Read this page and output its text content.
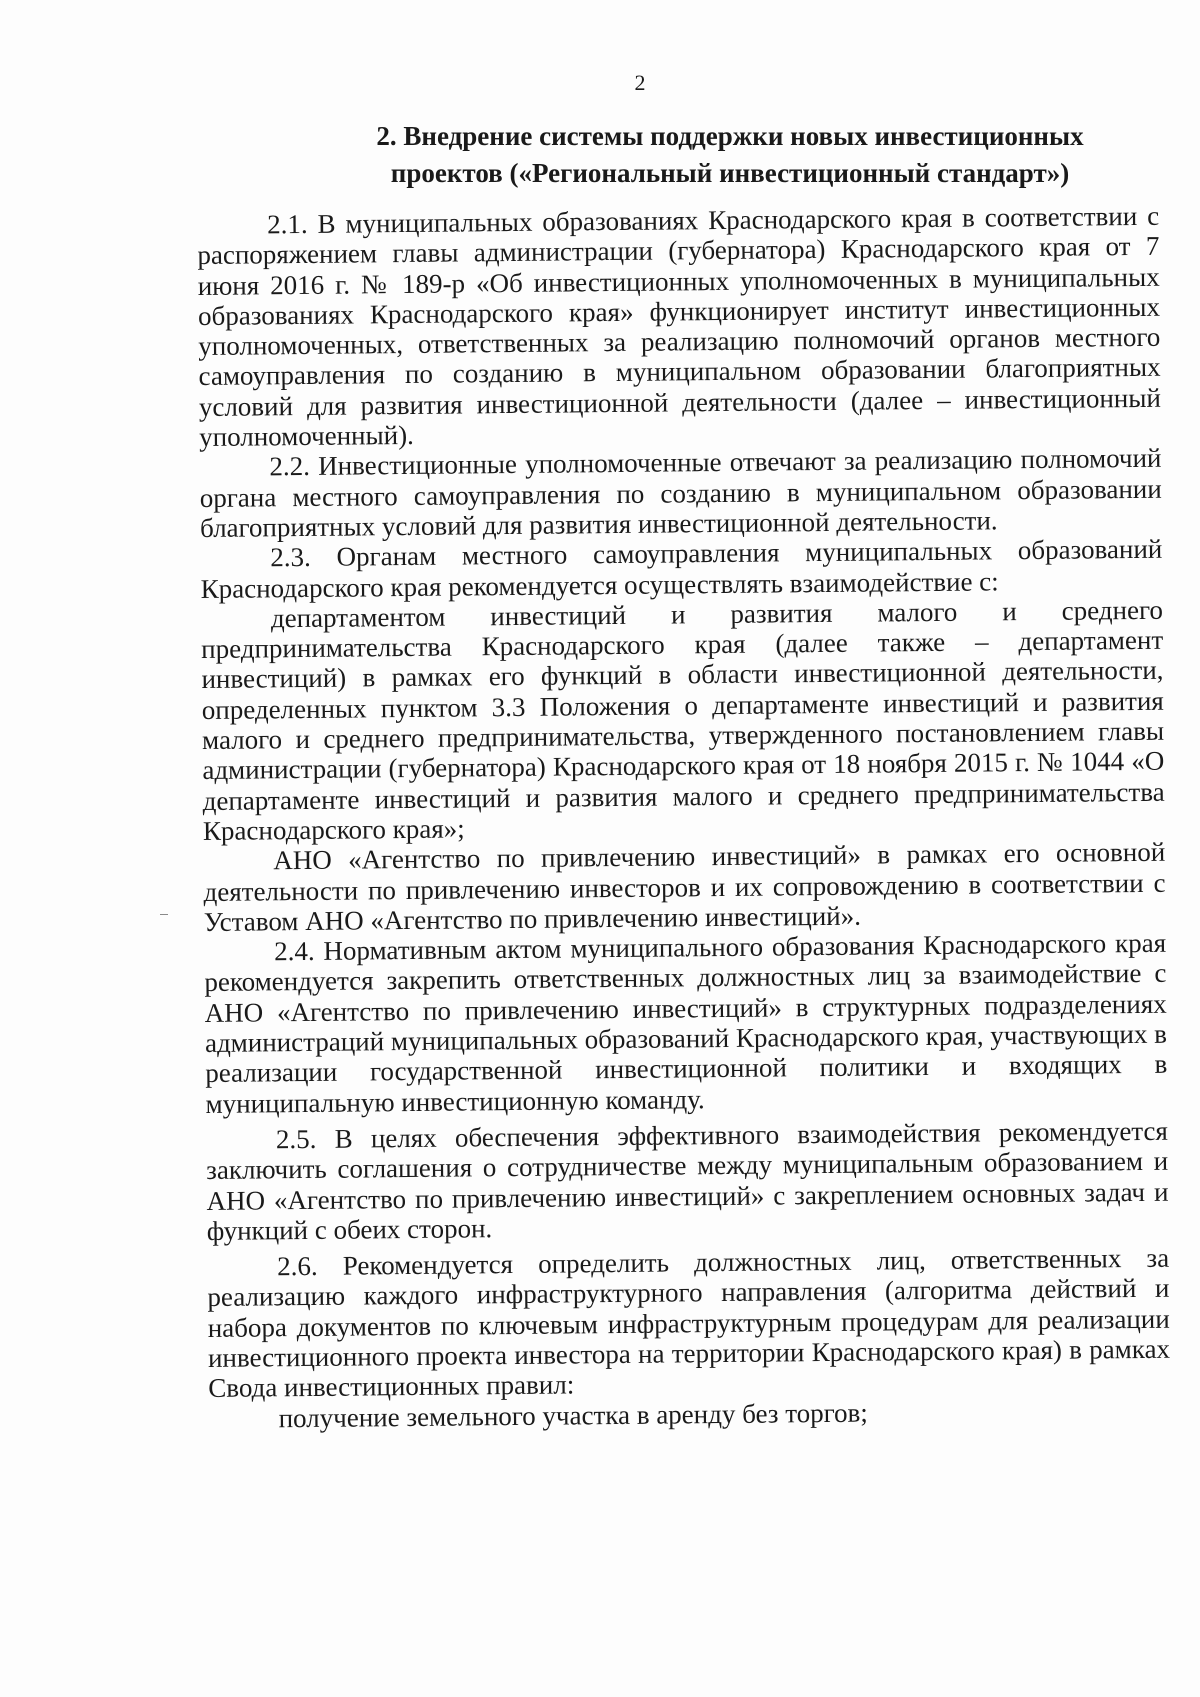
2
2. Внедрение системы поддержки новых инвестиционных
проектов («Региональный инвестиционный стандарт»)

2.1. В муниципальных образованиях Краснодарского края в соответствии с распоряжением главы администрации (губернатора) Краснодарского края от 7 июня 2016 г. № 189-р «Об инвестиционных уполномоченных в муниципальных образованиях Краснодарского края» функционирует институт инвестиционных уполномоченных, ответственных за реализацию полномочий органов местного самоуправления по созданию в муниципальном образовании благоприятных условий для развития инвестиционной деятельности (далее – инвестиционный уполномоченный).

2.2. Инвестиционные уполномоченные отвечают за реализацию полномочий органа местного самоуправления по созданию в муниципальном образовании благоприятных условий для развития инвестиционной деятельности.

2.3. Органам местного самоуправления муниципальных образований Краснодарского края рекомендуется осуществлять взаимодействие с:

департаментом инвестиций и развития малого и среднего предпринимательства Краснодарского края (далее также – департамент инвестиций) в рамках его функций в области инвестиционной деятельности, определенных пунктом 3.3 Положения о департаменте инвестиций и развития малого и среднего предпринимательства, утвержденного постановлением главы администрации (губернатора) Краснодарского края от 18 ноября 2015 г. № 1044 «О департаменте инвестиций и развития малого и среднего предпринимательства Краснодарского края»;

АНО «Агентство по привлечению инвестиций» в рамках его основной деятельности по привлечению инвесторов и их сопровождению в соответствии с Уставом АНО «Агентство по привлечению инвестиций».

2.4. Нормативным актом муниципального образования Краснодарского края рекомендуется закрепить ответственных должностных лиц за взаимодействие с АНО «Агентство по привлечению инвестиций» в структурных подразделениях администраций муниципальных образований Краснодарского края, участвующих в реализации государственной инвестиционной политики и входящих в муниципальную инвестиционную команду.

2.5. В целях обеспечения эффективного взаимодействия рекомендуется заключить соглашения о сотрудничестве между муниципальным образованием и АНО «Агентство по привлечению инвестиций» с закреплением основных задач и функций с обеих сторон.

2.6. Рекомендуется определить должностных лиц, ответственных за реализацию каждого инфраструктурного направления (алгоритма действий и набора документов по ключевым инфраструктурным процедурам для реализации инвестиционного проекта инвестора на территории Краснодарского края) в рамках Свода инвестиционных правил:

получение земельного участка в аренду без торгов;
